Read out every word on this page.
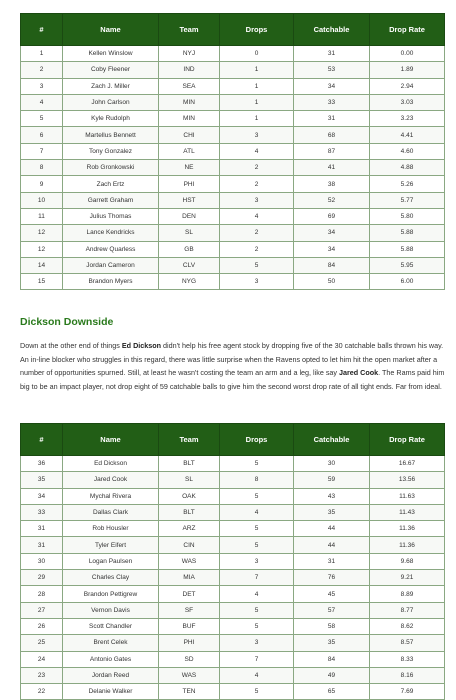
#	Name	Team	Drops	Catchable	Drop Rate
1	Kellen Winslow	NYJ	0	31	0.00
2	Coby Fleener	IND	1	53	1.89
3	Zach J. Miller	SEA	1	34	2.94
4	John Carlson	MIN	1	33	3.03
5	Kyle Rudolph	MIN	1	31	3.23
6	Martellus Bennett	CHI	3	68	4.41
7	Tony Gonzalez	ATL	4	87	4.60
8	Rob Gronkowski	NE	2	41	4.88
9	Zach Ertz	PHI	2	38	5.26
10	Garrett Graham	HST	3	52	5.77
11	Julius Thomas	DEN	4	69	5.80
12	Lance Kendricks	SL	2	34	5.88
12	Andrew Quarless	GB	2	34	5.88
14	Jordan Cameron	CLV	5	84	5.95
15	Brandon Myers	NYG	3	50	6.00
Dickson Downside

Down at the other end of things Ed Dickson didn't help his free agent stock by dropping five of the 30 catchable balls thrown his way. An in-line blocker who struggles in this regard, there was little surprise when the Ravens opted to let him hit the open market after a number of opportunities spurned. Still, at least he wasn't costing the team an arm and a leg, like say Jared Cook. The Rams paid him big to be an impact player, not drop eight of 59 catchable balls to give him the second worst drop rate of all tight ends. Far from ideal.

#	Name	Team	Drops	Catchable	Drop Rate
36	Ed Dickson	BLT	5	30	16.67
35	Jared Cook	SL	8	59	13.56
34	Mychal Rivera	OAK	5	43	11.63
33	Dallas Clark	BLT	4	35	11.43
31	Rob Housler	ARZ	5	44	11.36
31	Tyler Eifert	CIN	5	44	11.36
30	Logan Paulsen	WAS	3	31	9.68
29	Charles Clay	MIA	7	76	9.21
28	Brandon Pettigrew	DET	4	45	8.89
27	Vernon Davis	SF	5	57	8.77
26	Scott Chandler	BUF	5	58	8.62
25	Brent Celek	PHI	3	35	8.57
24	Antonio Gates	SD	7	84	8.33
23	Jordan Reed	WAS	4	49	8.16
22	Delanie Walker	TEN	5	65	7.69
